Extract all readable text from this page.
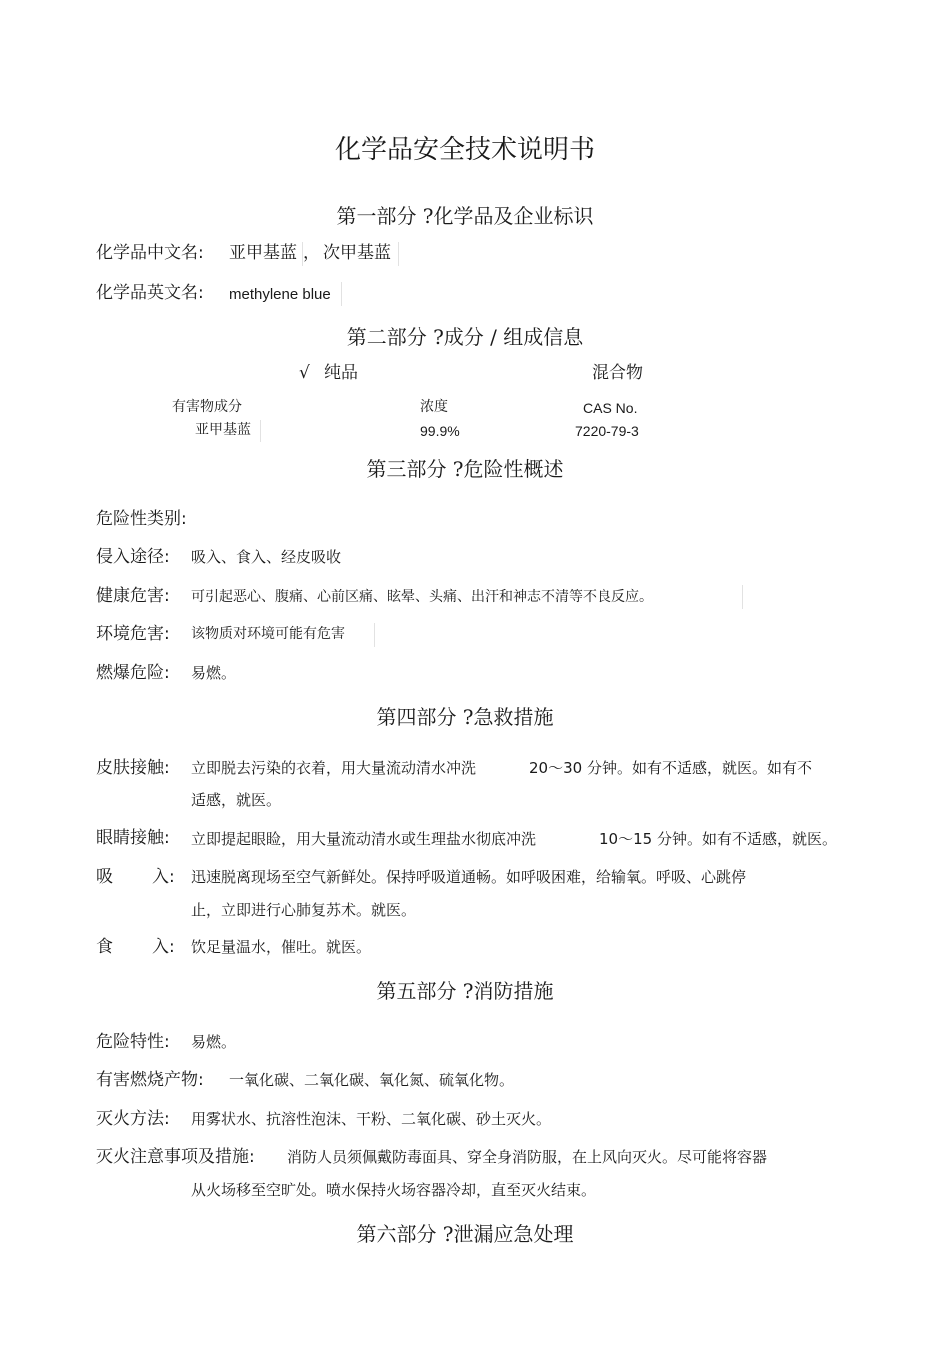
化学品安全技术说明书
第一部分 ?化学品及企业标识
化学品中文名: 亚甲基蓝 ， 次甲基蓝
化学品英文名: methylene blue
第二部分 ?成分 / 组成信息
√ 纯品	混合物
有害物成分	浓度	CAS No.
亚甲基蓝	99.9%	7220-79-3
第三部分 ?危险性概述
危险性类别:
侵入途径: 吸入、食入、经皮吸收
健康危害: 可引起恶心、腹痛、心前区痛、眩晕、头痛、出汗和神志不清等不良反应。
环境危害: 该物质对环境可能有危害
燃爆危险: 易燃。
第四部分 ?急救措施
皮肤接触: 立即脱去污染的衣着，用大量流动清水冲洗	20～30 分钟。如有不适感，就医。如有不
适感，就医。
眼睛接触: 立即提起眼睑，用大量流动清水或生理盐水彻底冲洗	10～15 分钟。如有不适感，就医。
吸 入: 迅速脱离现场至空气新鲜处。保持呼吸道通畅。如呼吸困难，给输氧。呼吸、心跳停
止，立即进行心肺复苏术。就医。
食 入: 饮足量温水，催吐。就医。
第五部分 ?消防措施
危险特性: 易燃。
有害燃烧产物: 一氧化碳、二氧化碳、氧化氮、硫氧化物。
灭火方法: 用雾状水、抗溶性泡沫、干粉、二氧化碳、砂土灭火。
灭火注意事项及措施: 消防人员须佩戴防毒面具、穿全身消防服，在上风向灭火。尽可能将容器
从火场移至空旷处。喷水保持火场容器冷却，直至灭火结束。
第六部分 ?泄漏应急处理
